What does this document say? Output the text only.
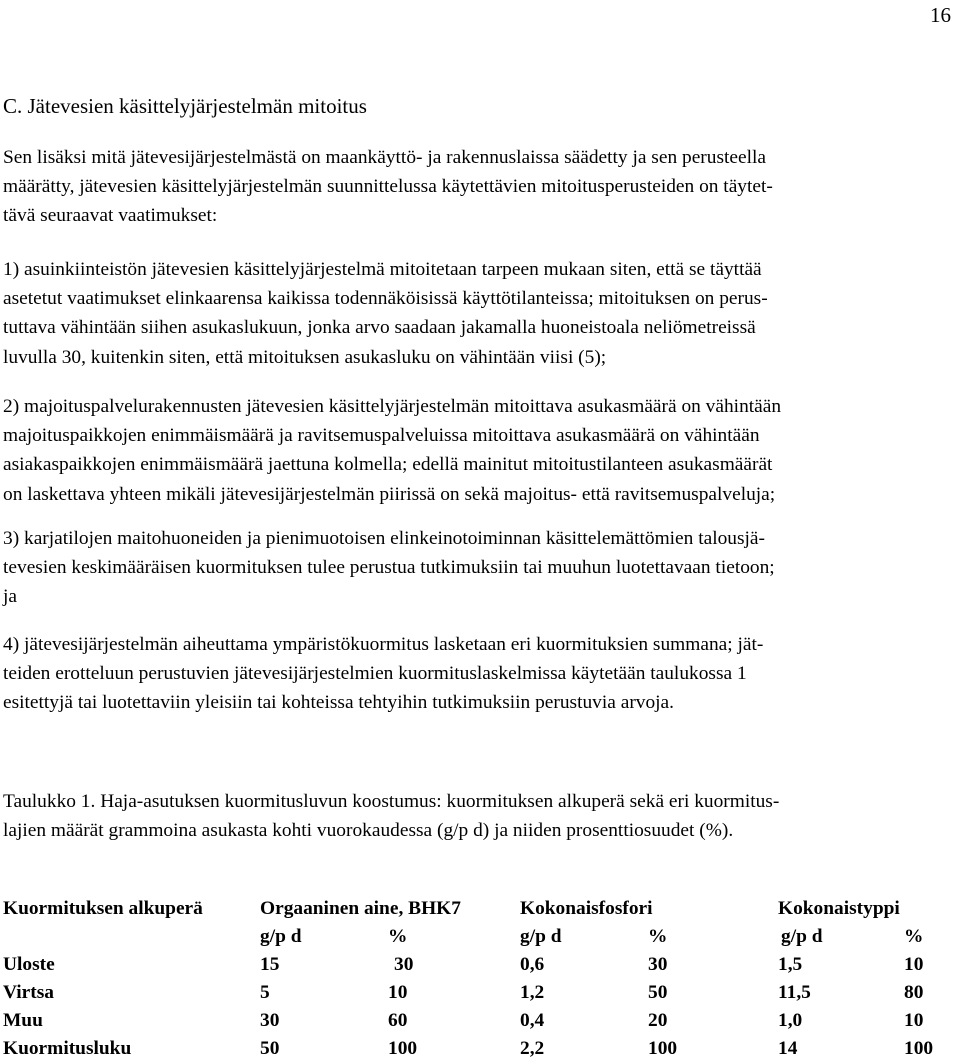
16
C. Jätevesien käsittelyjärjestelmän mitoitus
Sen lisäksi mitä jätevesijärjestelmästä on maankäyttö- ja rakennuslaissa säädetty ja sen perusteella
määrätty, jätevesien käsittelyjärjestelmän suunnittelussa käytettävien mitoitusperusteiden on täytet-
tävä seuraavat vaatimukset:
1) asuinkiinteistön jätevesien käsittelyjärjestelmä mitoitetaan tarpeen mukaan siten, että se täyttää
asetetut vaatimukset elinkaarensa kaikissa todennäköisissä käyttötilanteissa; mitoituksen on perus-
tuttava vähintään siihen asukaslukuun, jonka arvo saadaan jakamalla huoneistoala neliömetreissä
luvulla 30, kuitenkin siten, että mitoituksen asukasluku on vähintään viisi (5);
2) majoituspalvelurakennusten jätevesien käsittelyjärjestelmän mitoittava asukasmäärä on vähintään
majoituspaikkojen enimmäismäärä ja ravitsemuspalveluissa mitoittava asukasmäärä on vähintään
asiakaspaikkojen enimmäismäärä jaettuna kolmella; edellä mainitut mitoitustilanteen asukasmäärät
on laskettava yhteen mikäli jätevesijärjestelmän piirissä on sekä majoitus- että ravitsemuspalveluja;
3) karjatilojen maitohuoneiden ja pienimuotoisen elinkeinotoiminnan käsittelemättömien talousjä-
tevesien keskimääräisen kuormituksen tulee perustua tutkimuksiin tai muuhun luotettavaan tietoon;
ja
4) jätevesijärjestelmän aiheuttama ympäristökuormitus lasketaan eri kuormituksien summana; jät-
teiden erotteluun perustuvien jätevesijärjestelmien kuormituslaskelmissa käytetään taulukossa 1
esitettyjä tai luotettaviin yleisiin tai kohteissa tehtyihin tutkimuksiin perustuvia arvoja.
Taulukko 1. Haja-asutuksen kuormitusluvun koostumus: kuormituksen alkuperä sekä eri kuormitus-
lajien määrät grammoina asukasta kohti vuorokaudessa (g/p d) ja niiden prosenttiosuudet (%).
Kuormituksen alkuperä	Orgaaninen aine, BHK7		Kokonaisfosfori		Kokonaistyppi	
	g/p d	%	g/p d	%	g/p d	%
Uloste	15	30	0,6	30	1,5	10
Virtsa	5	10	1,2	50	11,5	80
Muu	30	60	0,4	20	1,0	10
Kuormitusluku	50	100	2,2	100	14	100
